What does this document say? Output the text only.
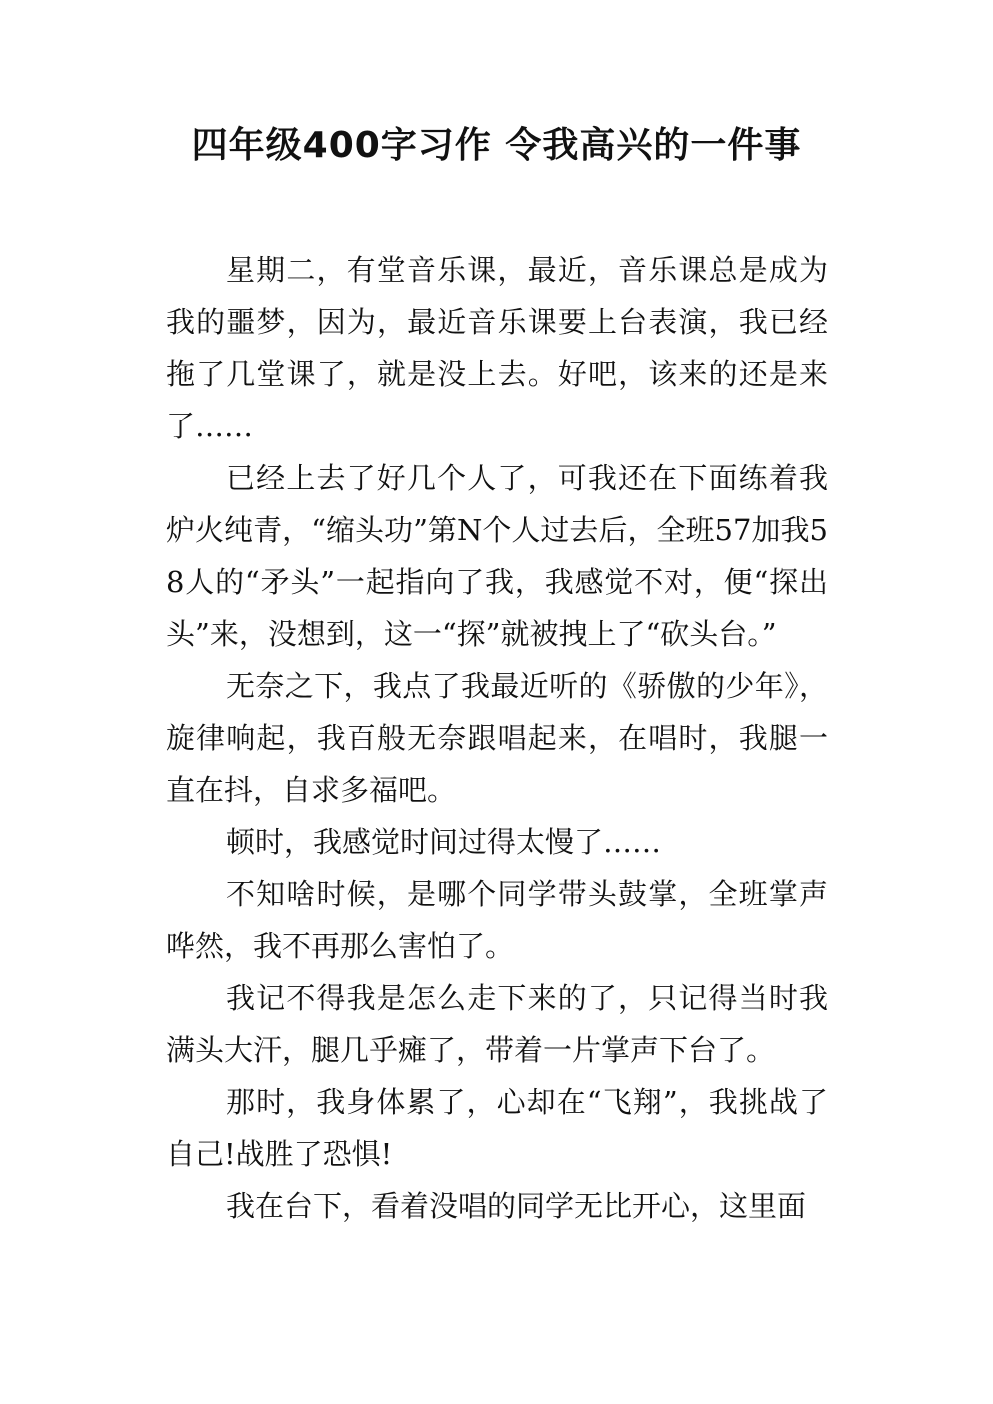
四年级400字习作 令我高兴的一件事

星期二，有堂音乐课，最近，音乐课总是成为我的噩梦，因为，最近音乐课要上台表演，我已经拖了几堂课了，就是没上去。好吧，该来的还是来了……

已经上去了好几个人了，可我还在下面练着我炉火纯青，“缩头功”第N个人过去后，全班57加我58人的“矛头”一起指向了我，我感觉不对，便“探出头”来，没想到，这一“探”就被拽上了“砍头台。”

无奈之下，我点了我最近听的《骄傲的少年》，旋律响起，我百般无奈跟唱起来，在唱时，我腿一直在抖，自求多福吧。

顿时，我感觉时间过得太慢了……

不知啥时候，是哪个同学带头鼓掌，全班掌声哗然，我不再那么害怕了。

我记不得我是怎么走下来的了，只记得当时我满头大汗，腿几乎瘫了，带着一片掌声下台了。

那时，我身体累了，心却在“飞翔”，我挑战了自己!战胜了恐惧!

我在台下，看着没唱的同学无比开心，这里面
